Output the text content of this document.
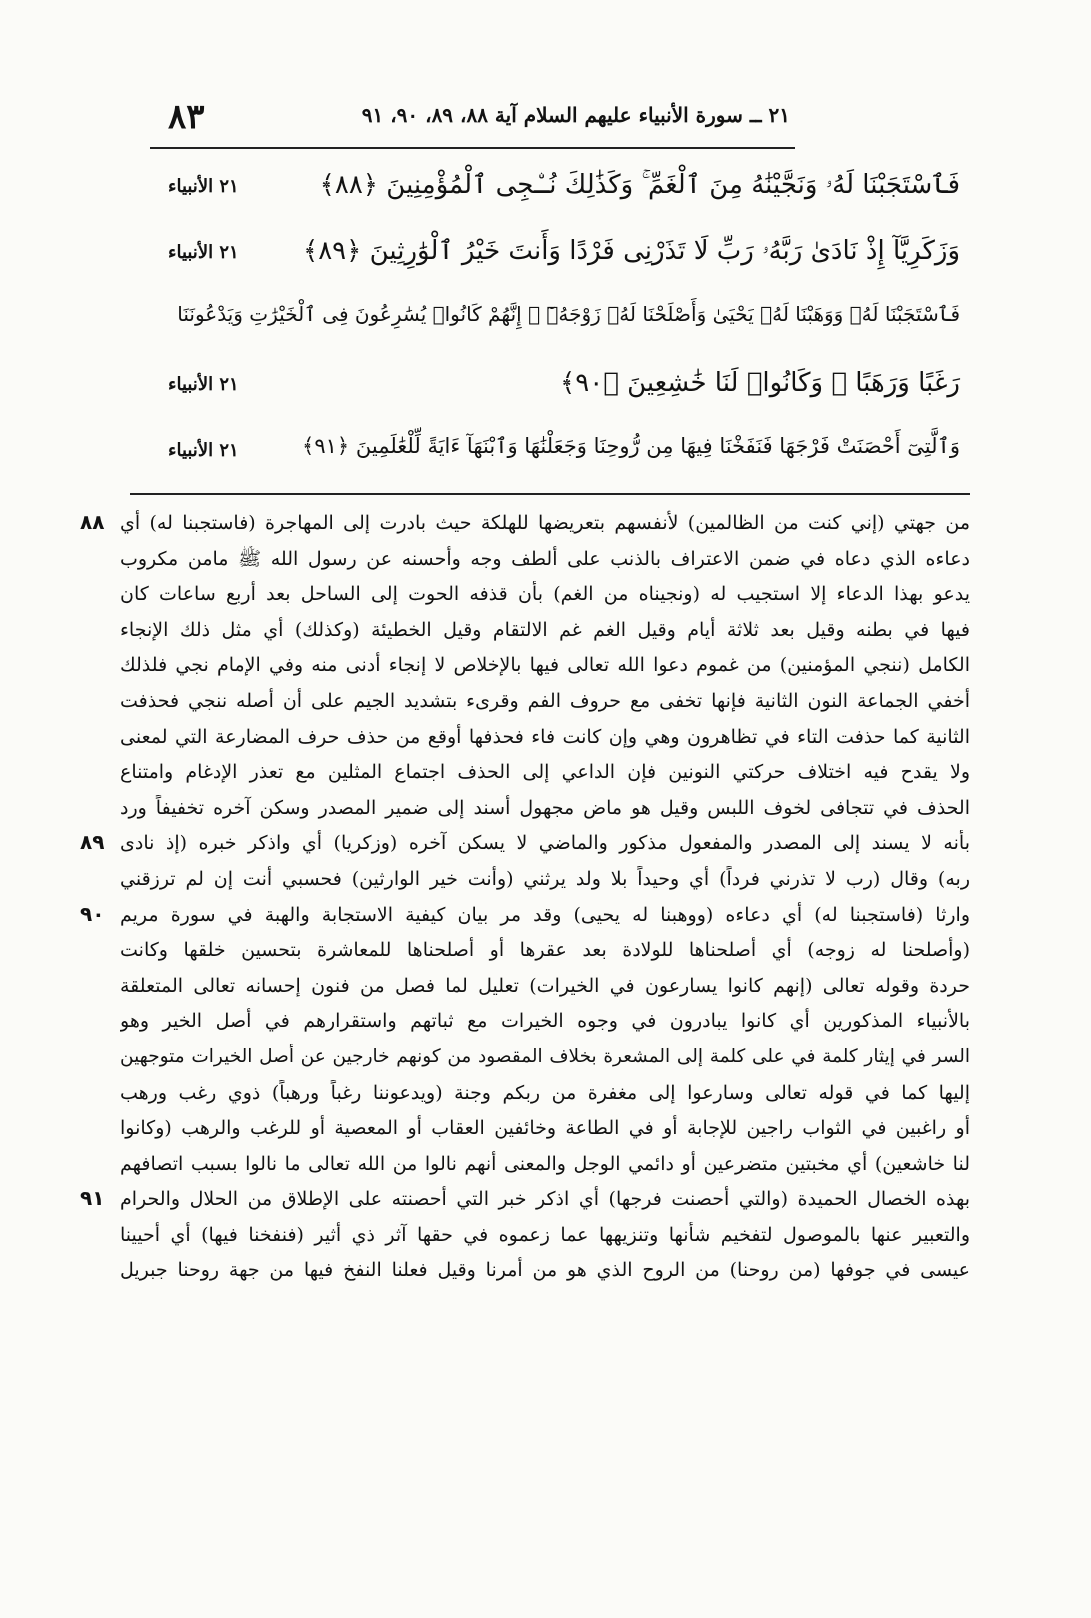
٨٣	٢١ ــ سورة الأنبياء عليهم السلام آية ٨٨، ٨٩، ٩٠، ٩١
فَٱسْتَجَبْنَا لَهُۥ وَنَجَّيْنَٰهُ مِنَ ٱلْغَمِّ ۚ وَكَذَٰلِكَ نُـۨجِى ٱلْمُؤْمِنِينَ ﴿٨٨﴾
٢١ الأنبياء
وَزَكَرِيَّآ إِذْ نَادَىٰ رَبَّهُۥ رَبِّ لَا تَذَرْنِى فَرْدًا وَأَنتَ خَيْرُ ٱلْوَٰرِثِينَ ﴿٨٩﴾
٢١ الأنبياء
فَٱسْتَجَبْنَا لَهُۥ وَوَهَبْنَا لَهُۥ يَحْيَىٰ وَأَصْلَحْنَا لَهُۥ زَوْجَهُۥٓ ۚ إِنَّهُمْ كَانُوا۟ يُسَٰرِعُونَ فِى ٱلْخَيْرَٰتِ وَيَدْعُونَنَا
رَغَبًا وَرَهَبًا ۖ وَكَانُوا۟ لَنَا خَٰشِعِينَ ﴿٩٠﴾
٢١ الأنبياء
وَٱلَّتِىٓ أَحْصَنَتْ فَرْجَهَا فَنَفَخْنَا فِيهَا مِن رُّوحِنَا وَجَعَلْنَٰهَا وَٱبْنَهَآ ءَايَةً لِّلْعَٰلَمِينَ ﴿٩١﴾
٢١ الأنبياء
من جهتي (إني كنت من الظالمين) لأنفسهم بتعريضها للهلكة حيث بادرت إلى المهاجرة (فاستجبنا له) أي
٨٨
دعاءه الذي دعاه في ضمن الاعتراف بالذنب على ألطف وجه وأحسنه عن رسول الله ﷺ مامن مكروب
يدعو بهذا الدعاء إلا استجيب له (ونجيناه من الغم) بأن قذفه الحوت إلى الساحل بعد أربع ساعات كان
فيها في بطنه وقيل بعد ثلاثة أيام وقيل الغم غم الالتقام وقيل الخطيئة (وكذلك) أي مثل ذلك الإنجاء
الكامل (ننجي المؤمنين) من غموم دعوا الله تعالى فيها بالإخلاص لا إنجاء أدنى منه وفي الإمام نجي فلذلك
أخفي الجماعة النون الثانية فإنها تخفى مع حروف الفم وقرىء بتشديد الجيم على أن أصله ننجي فحذفت
الثانية كما حذفت التاء في تظاهرون وهي وإن كانت فاء فحذفها أوقع من حذف حرف المضارعة التي لمعنى
ولا يقدح فيه اختلاف حركتي النونين فإن الداعي إلى الحذف اجتماع المثلين مع تعذر الإدغام وامتناع
الحذف في تتجافى لخوف اللبس وقيل هو ماض مجهول أسند إلى ضمير المصدر وسكن آخره تخفيفاً ورد
بأنه لا يسند إلى المصدر والمفعول مذكور والماضي لا يسكن آخره (وزكريا) أي واذكر خبره (إذ نادى
٨٩
ربه) وقال (رب لا تذرني فرداً) أي وحيداً بلا ولد يرثني (وأنت خير الوارثين) فحسبي أنت إن لم ترزقني
وارثا (فاستجبنا له) أي دعاءه (ووهبنا له يحيى) وقد مر بيان كيفية الاستجابة والهبة في سورة مريم
٩٠
(وأصلحنا له زوجه) أي أصلحناها للولادة بعد عقرها أو أصلحناها للمعاشرة بتحسين خلقها وكانت
حردة وقوله تعالى (إنهم كانوا يسارعون في الخيرات) تعليل لما فصل من فنون إحسانه تعالى المتعلقة
بالأنبياء المذكورين أي كانوا يبادرون في وجوه الخيرات مع ثباتهم واستقرارهم في أصل الخير وهو
السر في إيثار كلمة في على كلمة إلى المشعرة بخلاف المقصود من كونهم خارجين عن أصل الخيرات متوجهين
إليها كما في قوله تعالى وسارعوا إلى مغفرة من ربكم وجنة (ويدعوننا رغباً ورهباً) ذوي رغب ورهب
أو راغبين في الثواب راجين للإجابة أو في الطاعة وخائفين العقاب أو المعصية أو للرغب والرهب (وكانوا
لنا خاشعين) أي مخبتين متضرعين أو دائمي الوجل والمعنى أنهم نالوا من الله تعالى ما نالوا بسبب اتصافهم
بهذه الخصال الحميدة (والتي أحصنت فرجها) أي اذكر خبر التي أحصنته على الإطلاق من الحلال والحرام
٩١
والتعبير عنها بالموصول لتفخيم شأنها وتنزيهها عما زعموه في حقها آثر ذي أثير (فنفخنا فيها) أي أحيينا
عيسى في جوفها (من روحنا) من الروح الذي هو من أمرنا وقيل فعلنا النفخ فيها من جهة روحنا جبريل
